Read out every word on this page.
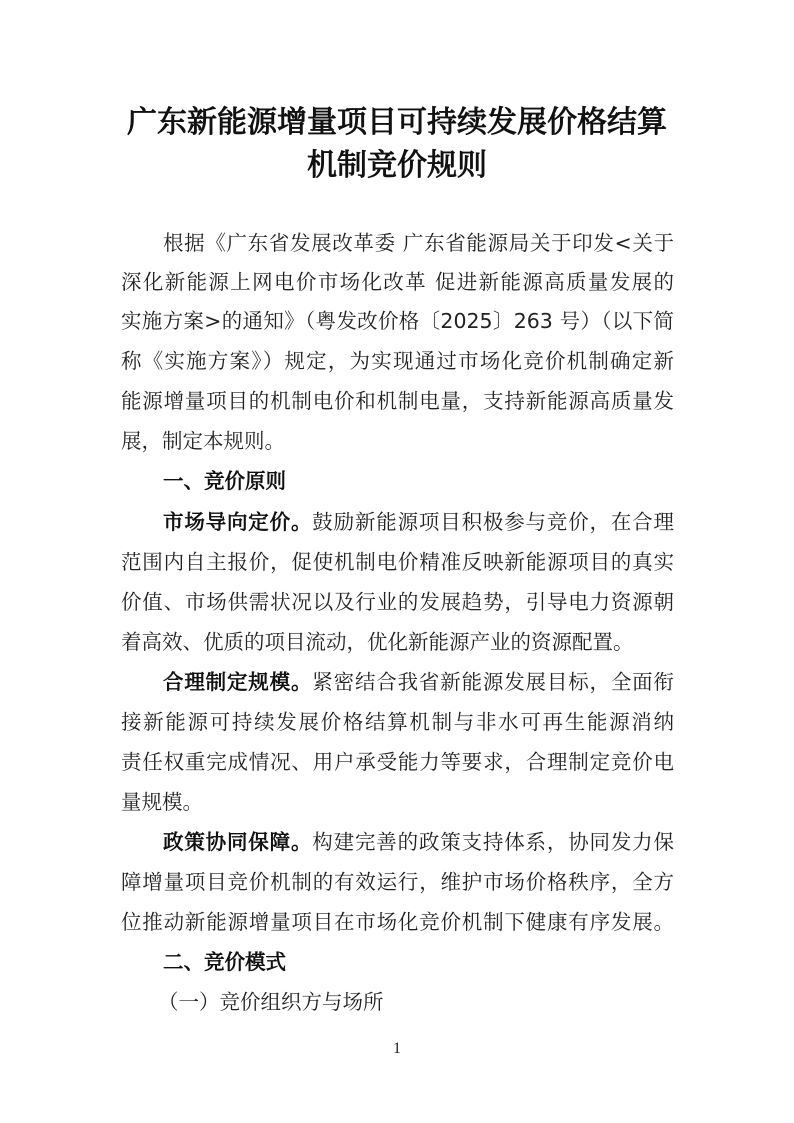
广东新能源增量项目可持续发展价格结算
机制竞价规则
根据《广东省发展改革委 广东省能源局关于印发<关于
深化新能源上网电价市场化改革 促进新能源高质量发展的
实施方案>的通知》（粤发改价格〔2025〕263 号）（以下简
称《实施方案》）规定，为实现通过市场化竞价机制确定新
能源增量项目的机制电价和机制电量，支持新能源高质量发
展，制定本规则。
一、竞价原则
市场导向定价。鼓励新能源项目积极参与竞价，在合理
范围内自主报价，促使机制电价精准反映新能源项目的真实
价值、市场供需状况以及行业的发展趋势，引导电力资源朝
着高效、优质的项目流动，优化新能源产业的资源配置。
合理制定规模。紧密结合我省新能源发展目标，全面衔
接新能源可持续发展价格结算机制与非水可再生能源消纳
责任权重完成情况、用户承受能力等要求，合理制定竞价电
量规模。
政策协同保障。构建完善的政策支持体系，协同发力保
障增量项目竞价机制的有效运行，维护市场价格秩序，全方
位推动新能源增量项目在市场化竞价机制下健康有序发展。
二、竞价模式
（一）竞价组织方与场所
1
